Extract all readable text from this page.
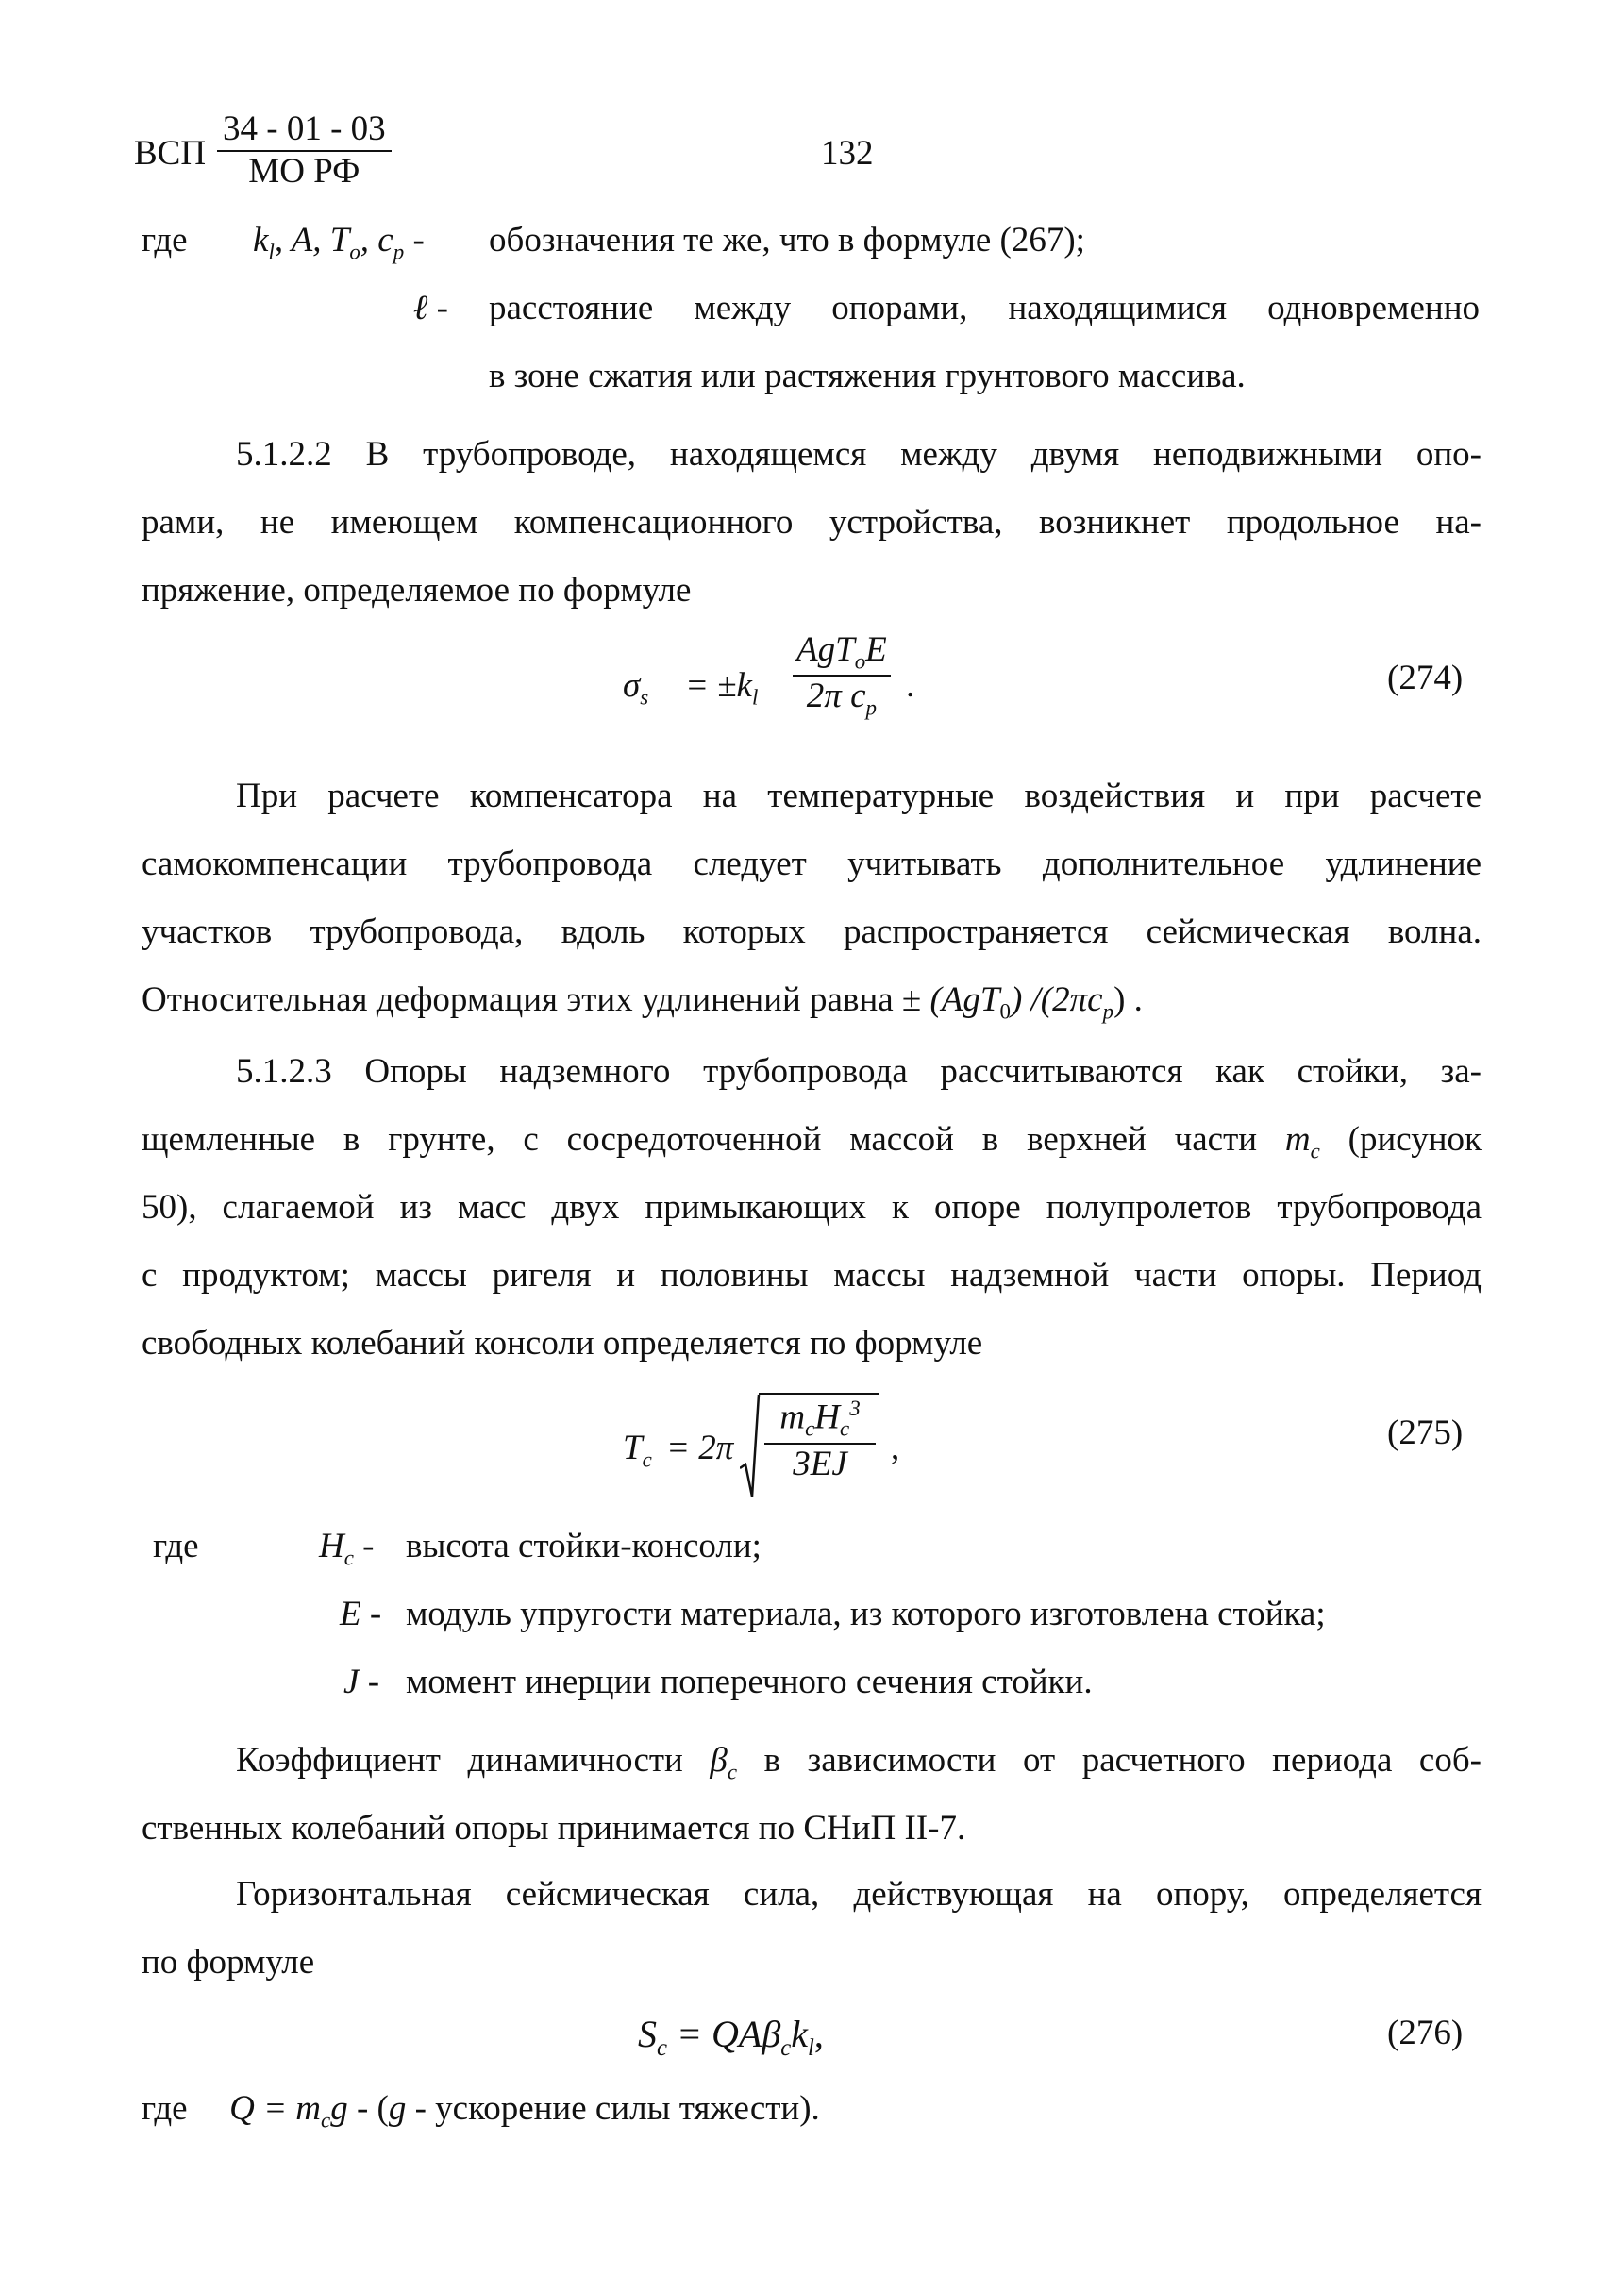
ВСП
34 - 01 - 03
МО РФ	132
где $k_l$, A, $T_o$, $c_p$ - обозначения те же, что в формуле (267);
ℓ - расстояние между опорами, находящимися одновременно
в зоне сжатия или растяжения грунтового массива.
5.1.2.2 В трубопроводе, находящемся между двумя неподвижными опо-
рами, не имеющем компенсационного устройства, возникнет продольное на-
пряжение, определяемое по формуле
$\sigma_s = \pm k_l$
AgT$_o$E
2π $c_p$
.	(274)
При расчете компенсатора на температурные воздействия и при расчете
самокомпенсации трубопровода следует учитывать дополнительное удлинение
участков трубопровода, вдоль которых распространяется сейсмическая волна.
Относительная деформация этих удлинений равна ± (AgT$_0$) $/(2\pi c_p)$ .
5.1.2.3 Опоры надземного трубопровода рассчитываются как стойки, за-
щемленные в грунте, с сосредоточенной массой в верхней части $m_c$ (рисунок
50), слагаемой из масс двух примыкающих к опоре полупролетов трубопровода
с продуктом; массы ригеля и половины массы надземной части опоры. Период
свободных колебаний консоли определяется по формуле
$T_c = 2\pi$
$m_cH_c^3$
3EJ	,	(275)
где	$H_c$ - высота стойки-консоли;
E - модуль упругости материала, из которого изготовлена стойка;
J - момент инерции поперечного сечения стойки.
Коэффициент динамичности $\beta_c$ в зависимости от расчетного периода соб-
ственных колебаний опоры принимается по СНиП II-7.
Горизонтальная сейсмическая сила, действующая на опору, определяется
по формуле
$S_c = QA\beta_ck_l$,	(276)
где $Q = m_cg - (g$ - ускорение силы тяжести).
